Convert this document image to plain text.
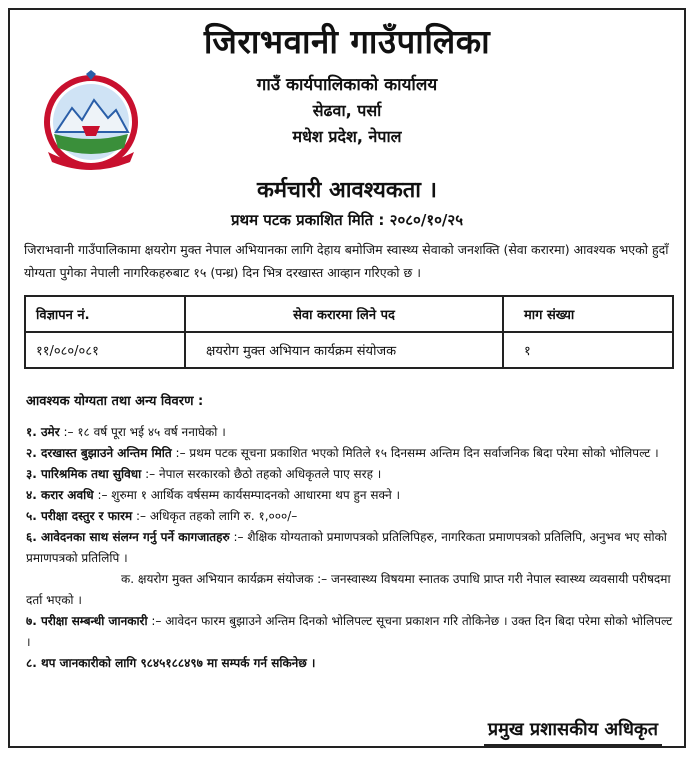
जिराभवानी गाउँपालिका
गाउँ कार्यपालिकाको कार्यालय
सेढवा, पर्सा
मधेश प्रदेश, नेपाल
कर्मचारी आवश्यकता ।
प्रथम पटक प्रकाशित मिति : २०८०/१०/२५
जिराभवानी गाउँपालिकामा क्षयरोग मुक्त नेपाल अभियानका लागि देहाय बमोजिम स्वास्थ्य सेवाको जनशक्ति (सेवा करारमा) आवश्यक भएको हुदाँ योग्यता पुगेका नेपाली नागरिकहरुबाट १५ (पन्ध्र) दिन भित्र दरखास्त आव्हान गरिएको छ ।
विज्ञापन नं.	सेवा करारमा लिने पद	माग संख्या
११/०८०/०८१	क्षयरोग मुक्त अभियान कार्यक्रम संयोजक	१
आवश्यक योग्यता तथा अन्य विवरण :

१. उमेर :– १८ वर्ष पूरा भई ४५ वर्ष ननाघेको ।

२. दरखास्त बुझाउने अन्तिम मिति :– प्रथम पटक सूचना प्रकाशित भएको मितिले १५ दिनसम्म अन्तिम दिन सर्वाजनिक बिदा परेमा सोको भोलिपल्ट ।

३. पारिश्रमिक तथा सुविधा :– नेपाल सरकारको छैठो तहको अधिकृतले पाए सरह ।

४. करार अवधि :– शुरुमा १ आर्थिक वर्षसम्म कार्यसम्पादनको आधारमा थप हुन सक्ने ।

५. परीक्षा दस्तुर र फारम :– अधिकृत तहको लागि रु. १,०००/–

६. आवेदनका साथ संलग्न गर्नु पर्ने कागजातहरु :– शैक्षिक योग्यताको प्रमाणपत्रको प्रतिलिपिहरु, नागरिकता प्रमाणपत्रको प्रतिलिपि, अनुभव भए सोको प्रमाणपत्रको प्रतिलिपि ।

क. क्षयरोग मुक्त अभियान कार्यक्रम संयोजक :– जनस्वास्थ्य विषयमा स्नातक उपाधि प्राप्त गरी नेपाल स्वास्थ्य व्यवसायी परीषदमा दर्ता भएको ।

७. परीक्षा सम्बन्धी जानकारी :– आवेदन फारम बुझाउने अन्तिम दिनको भोलिपल्ट सूचना प्रकाशन गरि तोकिनेछ । उक्त दिन बिदा परेमा सोको भोलिपल्ट ।

८. थप जानकारीको लागि ९८४५१८८४९७ मा सम्पर्क गर्न सकिनेछ ।

प्रमुख प्रशासकीय अधिकृत
